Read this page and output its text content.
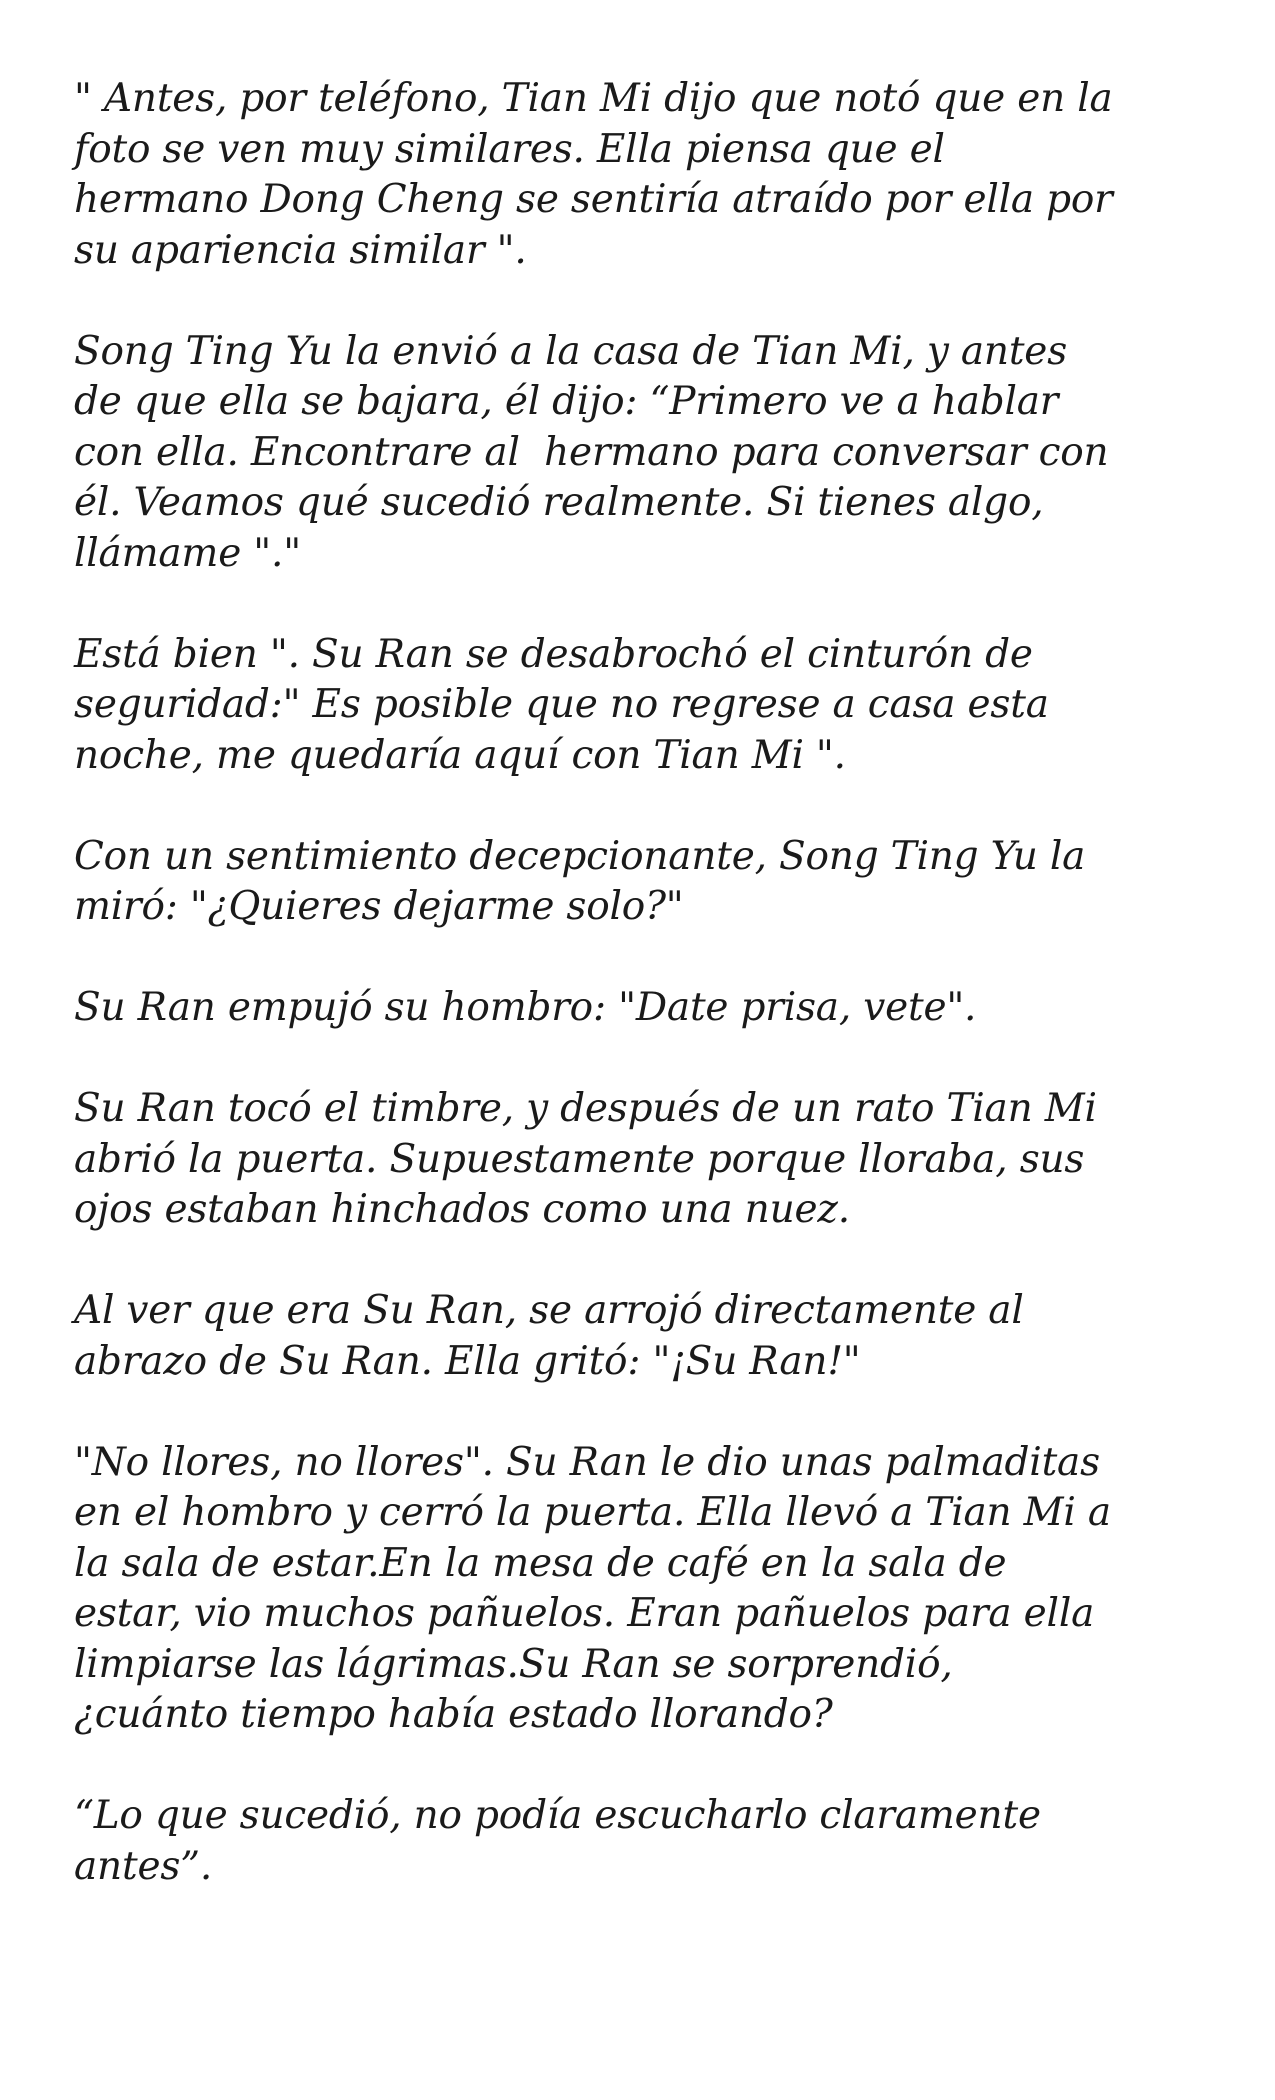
" Antes, por teléfono, Tian Mi dijo que notó que en la
foto se ven muy similares. Ella piensa que el
hermano Dong Cheng se sentiría atraído por ella por
su apariencia similar ".

Song Ting Yu la envió a la casa de Tian Mi, y antes
de que ella se bajara, él dijo: “Primero ve a hablar
con ella. Encontrare al  hermano para conversar con
él. Veamos qué sucedió realmente. Si tienes algo,
llámame "."

Está bien ". Su Ran se desabrochó el cinturón de
seguridad:" Es posible que no regrese a casa esta
noche, me quedaría aquí con Tian Mi ".

Con un sentimiento decepcionante, Song Ting Yu la
miró: "¿Quieres dejarme solo?"

Su Ran empujó su hombro: "Date prisa, vete".

Su Ran tocó el timbre, y después de un rato Tian Mi
abrió la puerta. Supuestamente porque lloraba, sus
ojos estaban hinchados como una nuez.

Al ver que era Su Ran, se arrojó directamente al
abrazo de Su Ran. Ella gritó: "¡Su Ran!"

"No llores, no llores". Su Ran le dio unas palmaditas
en el hombro y cerró la puerta. Ella llevó a Tian Mi a
la sala de estar.En la mesa de café en la sala de
estar, vio muchos pañuelos. Eran pañuelos para ella
limpiarse las lágrimas.Su Ran se sorprendió,
¿cuánto tiempo había estado llorando?

“Lo que sucedió, no podía escucharlo claramente
antes”.
